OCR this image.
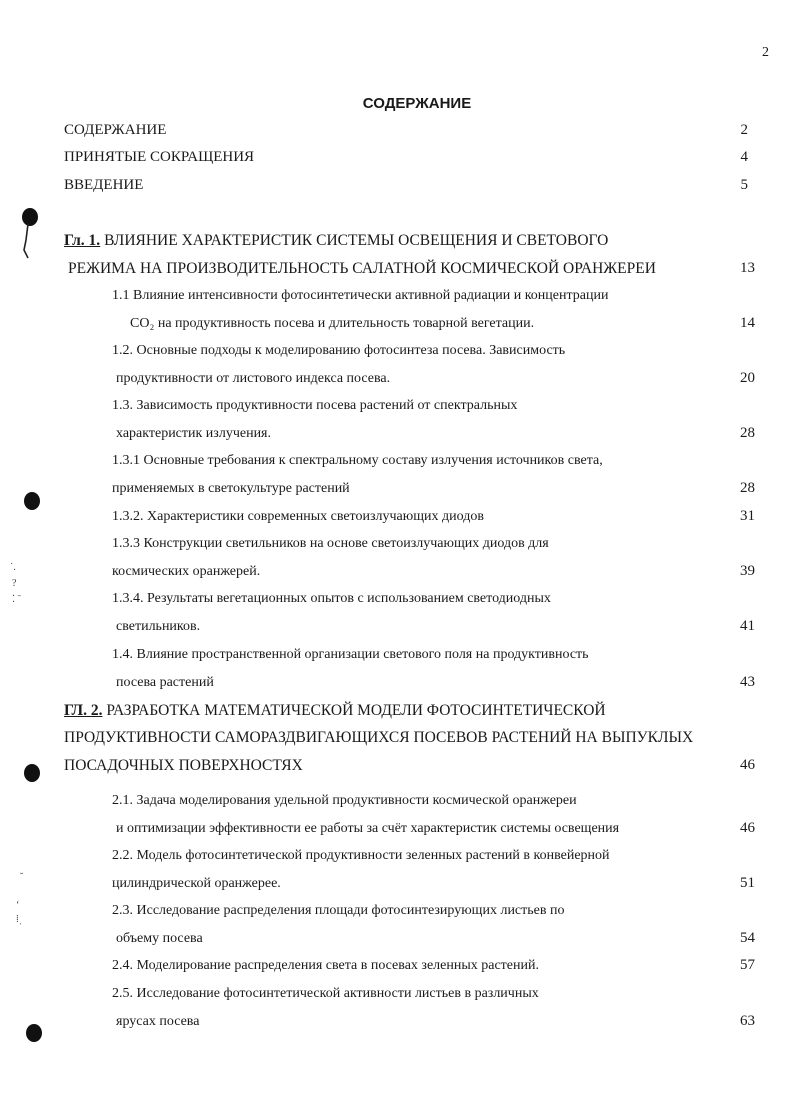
2
СОДЕРЖАНИЕ
СОДЕРЖАНИЕ	2
ПРИНЯТЫЕ СОКРАЩЕНИЯ	4
ВВЕДЕНИЕ	5
Гл. 1. ВЛИЯНИЕ ХАРАКТЕРИСТИК СИСТЕМЫ ОСВЕЩЕНИЯ И СВЕТОВОГО
РЕЖИМА НА ПРОИЗВОДИТЕЛЬНОСТЬ САЛАТНОЙ КОСМИЧЕСКОЙ ОРАНЖЕРЕИ	13
1.1 Влияние интенсивности фотосинтетически активной радиации и концентрации
CO₂ на продуктивность посева и длительность товарной вегетации.	14
1.2. Основные подходы к моделированию фотосинтеза посева. Зависимость
продуктивности от листового индекса посева.	20
1.3. Зависимость продуктивности посева растений от спектральных
характеристик излучения.	28
1.3.1 Основные требования к спектральному составу излучения источников света,
применяемых в светокультуре растений	28
1.3.2. Характеристики современных светоизлучающих диодов	31
1.3.3 Конструкции светильников на основе светоизлучающих диодов для
космических оранжерей.	39
1.3.4. Результаты вегетационных опытов с использованием светодиодных
светильников.	41
1.4. Влияние пространственной организации светового поля на продуктивность
посева растений	43
ГЛ. 2. РАЗРАБОТКА МАТЕМАТИЧЕСКОЙ МОДЕЛИ ФОТОСИНТЕТИЧЕСКОЙ
ПРОДУКТИВНОСТИ САМОРАЗДВИГАЮЩИХСЯ ПОСЕВОВ РАСТЕНИЙ НА ВЫПУКЛЫХ
ПОСАДОЧНЫХ ПОВЕРХНОСТЯХ	46
2.1. Задача моделирования удельной продуктивности космической оранжереи
и оптимизации эффективности ее работы за счёт характеристик системы освещения	46
2.2. Модель фотосинтетической продуктивности зеленных растений в конвейерной
цилиндрической оранжерее.	51
2.3. Исследование распределения площади фотосинтезирующих листьев по
объему посева	54
2.4. Моделирование распределения света в посевах зеленных растений.	57
2.5. Исследование фотосинтетической активности листьев в различных
ярусах посева	63
˙.
?
⁚ ˉ
˘
‘
⁞ˌ
